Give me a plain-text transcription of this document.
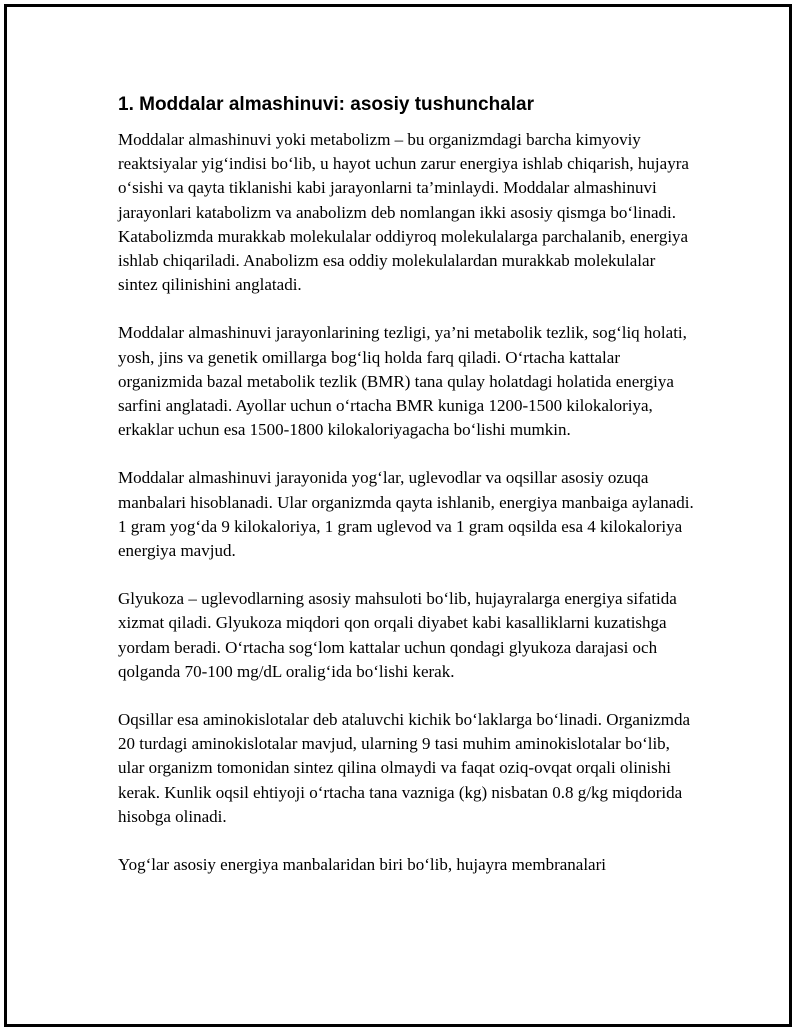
1. Moddalar almashinuvi: asosiy tushunchalar

Moddalar almashinuvi yoki metabolizm – bu organizmdagi barcha kimyoviy reaktsiyalar yig‘indisi bo‘lib, u hayot uchun zarur energiya ishlab chiqarish, hujayra o‘sishi va qayta tiklanishi kabi jarayonlarni ta’minlaydi. Moddalar almashinuvi jarayonlari katabolizm va anabolizm deb nomlangan ikki asosiy qismga bo‘linadi. Katabolizmda murakkab molekulalar oddiyroq molekulalarga parchalanib, energiya ishlab chiqariladi. Anabolizm esa oddiy molekulalardan murakkab molekulalar sintez qilinishini anglatadi.

Moddalar almashinuvi jarayonlarining tezligi, ya’ni metabolik tezlik, sog‘liq holati, yosh, jins va genetik omillarga bog‘liq holda farq qiladi. O‘rtacha kattalar organizmida bazal metabolik tezlik (BMR) tana qulay holatdagi holatida energiya sarfini anglatadi. Ayollar uchun o‘rtacha BMR kuniga 1200-1500 kilokaloriya, erkaklar uchun esa 1500-1800 kilokaloriyagacha bo‘lishi mumkin.

Moddalar almashinuvi jarayonida yog‘lar, uglevodlar va oqsillar asosiy ozuqa manbalari hisoblanadi. Ular organizmda qayta ishlanib, energiya manbaiga aylanadi. 1 gram yog‘da 9 kilokaloriya, 1 gram uglevod va 1 gram oqsilda esa 4 kilokaloriya energiya mavjud.

Glyukoza – uglevodlarning asosiy mahsuloti bo‘lib, hujayralarga energiya sifatida xizmat qiladi. Glyukoza miqdori qon orqali diyabet kabi kasalliklarni kuzatishga yordam beradi. O‘rtacha sog‘lom kattalar uchun qondagi glyukoza darajasi och qolganda 70-100 mg/dL oralig‘ida bo‘lishi kerak.

Oqsillar esa aminokislotalar deb ataluvchi kichik bo‘laklarga bo‘linadi. Organizmda 20 turdagi aminokislotalar mavjud, ularning 9 tasi muhim aminokislotalar bo‘lib, ular organizm tomonidan sintez qilina olmaydi va faqat oziq-ovqat orqali olinishi kerak. Kunlik oqsil ehtiyoji o‘rtacha tana vazniga (kg) nisbatan 0.8 g/kg miqdorida hisobga olinadi.

Yog‘lar asosiy energiya manbalaridan biri bo‘lib, hujayra membranalari
